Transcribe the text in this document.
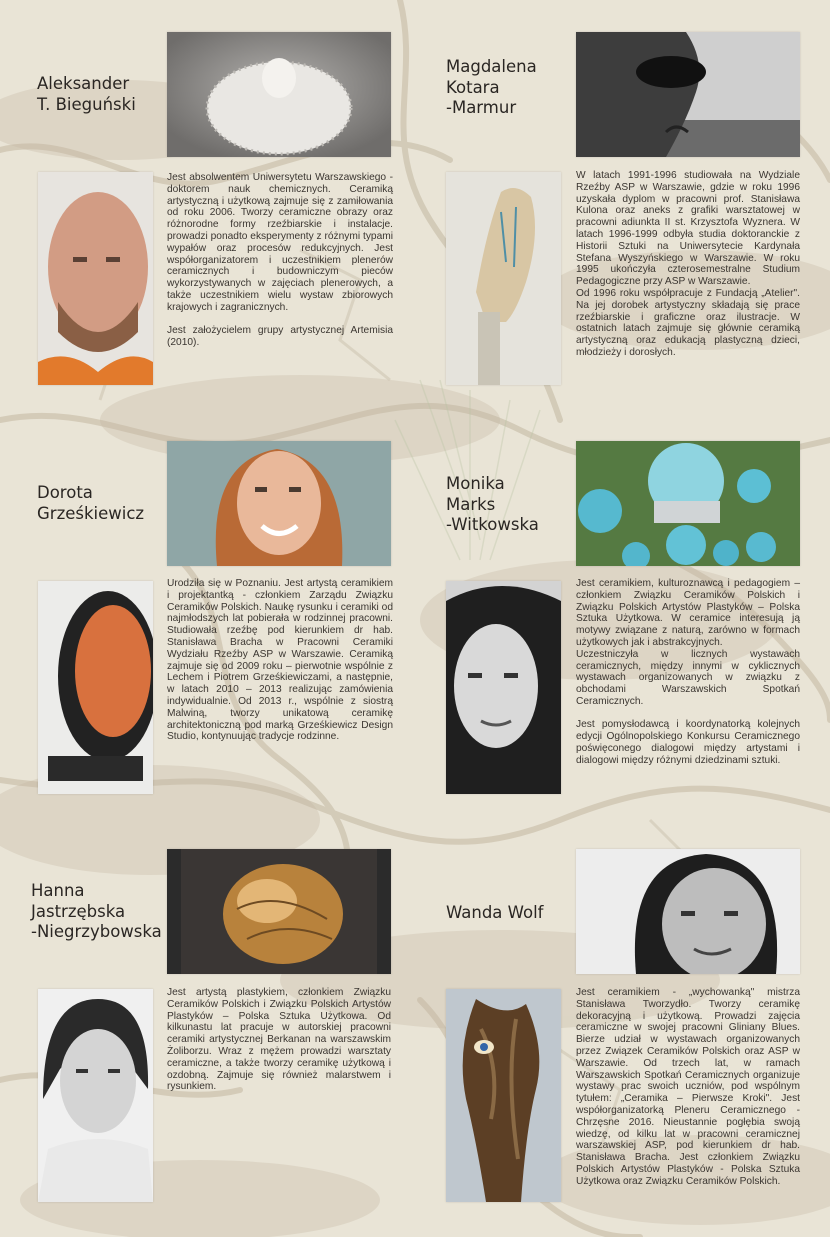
Aleksander
T. Bieguński

Jest absolwentem Uniwersytetu Warszawskiego - doktorem nauk chemicznych. Ceramiką artystyczną i użytkową zajmuje się z zamiłowania od roku 2006. Tworzy ceramiczne obrazy oraz różnorodne formy rzeźbiarskie i instalacje. prowadzi ponadto eksperymenty z różnymi typami wypałów oraz procesów redukcyjnych. Jest współorganizatorem i uczestnikiem plenerów ceramicznych i budowniczym pieców wykorzystywanych w zajęciach plenerowych, a także uczestnikiem wielu wystaw zbiorowych krajowych i zagranicznych.

Jest założycielem grupy artystycznej Artemisia (2010).

Magdalena
Kotara
-Marmur

W latach 1991-1996 studiowała na Wydziale Rzeźby ASP w Warszawie, gdzie w roku 1996 uzyskała dyplom w pracowni prof. Stanisława Kulona oraz aneks z grafiki warsztatowej w pracowni adiunkta II st. Krzysztofa Wyznera. W latach 1996-1999 odbyła studia doktoranckie z Historii Sztuki na Uniwersytecie Kardynała Stefana Wyszyńskiego w Warszawie. W roku 1995 ukończyła czterosemestralne Studium Pedagogiczne przy ASP w Warszawie.

Od 1996 roku współpracuje z Fundacją „Atelier". Na jej dorobek artystyczny składają się prace rzeźbiarskie i graficzne oraz ilustracje. W ostatnich latach zajmuje się głównie ceramiką artystyczną oraz edukacją plastyczną dzieci, młodzieży i dorosłych.

Dorota
Grześkiewicz

Urodziła się w Poznaniu. Jest artystą ceramikiem i projektantką - członkiem Zarządu Związku Ceramików Polskich. Naukę rysunku i ceramiki od najmłodszych lat pobierała w rodzinnej pracowni. Studiowała rzeźbę pod kierunkiem dr hab. Stanisława Bracha w Pracowni Ceramiki Wydziału Rzeźby ASP w Warszawie. Ceramiką zajmuje się od 2009 roku – pierwotnie wspólnie z Lechem i Piotrem Grześkiewiczami, a następnie, w latach 2010 – 2013 realizując zamówienia indywidualnie. Od 2013 r., wspólnie z siostrą Malwiną, tworzy unikatową ceramikę architektoniczną pod marką Grześkiewicz Design Studio, kontynuując tradycje rodzinne.

Monika
Marks
-Witkowska

Jest ceramikiem, kulturoznawcą i pedagogiem – członkiem Związku Ceramików Polskich i Związku Polskich Artystów Plastyków – Polska Sztuka Użytkowa. W ceramice interesują ją motywy związane z naturą, zarówno w formach użytkowych jak i abstrakcyjnych.

Uczestniczyła w licznych wystawach ceramicznych, między innymi w cyklicznych wystawach organizowanych w związku z obchodami Warszawskich Spotkań Ceramicznych.

Jest pomysłodawcą i koordynatorką kolejnych edycji Ogólnopolskiego Konkursu Ceramicznego poświęconego dialogowi między artystami i dialogowi między różnymi dziedzinami sztuki.

Hanna
Jastrzębska
-Niegrzybowska

Jest artystą plastykiem, członkiem Związku Ceramików Polskich i Związku Polskich Artystów Plastyków – Polska Sztuka Użytkowa. Od kilkunastu lat pracuje w autorskiej pracowni ceramiki artystycznej Berkanan na warszawskim Żoliborzu. Wraz z mężem prowadzi warsztaty ceramiczne, a także tworzy ceramikę użytkową i ozdobną. Zajmuje się również malarstwem i rysunkiem.

Wanda Wolf

Jest ceramikiem - „wychowanką" mistrza Stanisława Tworzydło. Tworzy ceramikę dekoracyjną i użytkową. Prowadzi zajęcia ceramiczne w swojej pracowni Gliniany Blues. Bierze udział w wystawach organizowanych przez Związek Ceramików Polskich oraz ASP w Warszawie. Od trzech lat, w ramach Warszawskich Spotkań Ceramicznych organizuje wystawy prac swoich uczniów, pod wspólnym tytułem: „Ceramika – Pierwsze Kroki". Jest współorganizatorką Pleneru Ceramicznego - Chrzęsne 2016. Nieustannie pogłębia swoją wiedzę, od kilku lat w pracowni ceramicznej warszawskiej ASP, pod kierunkiem dr hab. Stanisława Bracha. Jest członkiem Związku Polskich Artystów Plastyków - Polska Sztuka Użytkowa oraz Związku Ceramików Polskich.
